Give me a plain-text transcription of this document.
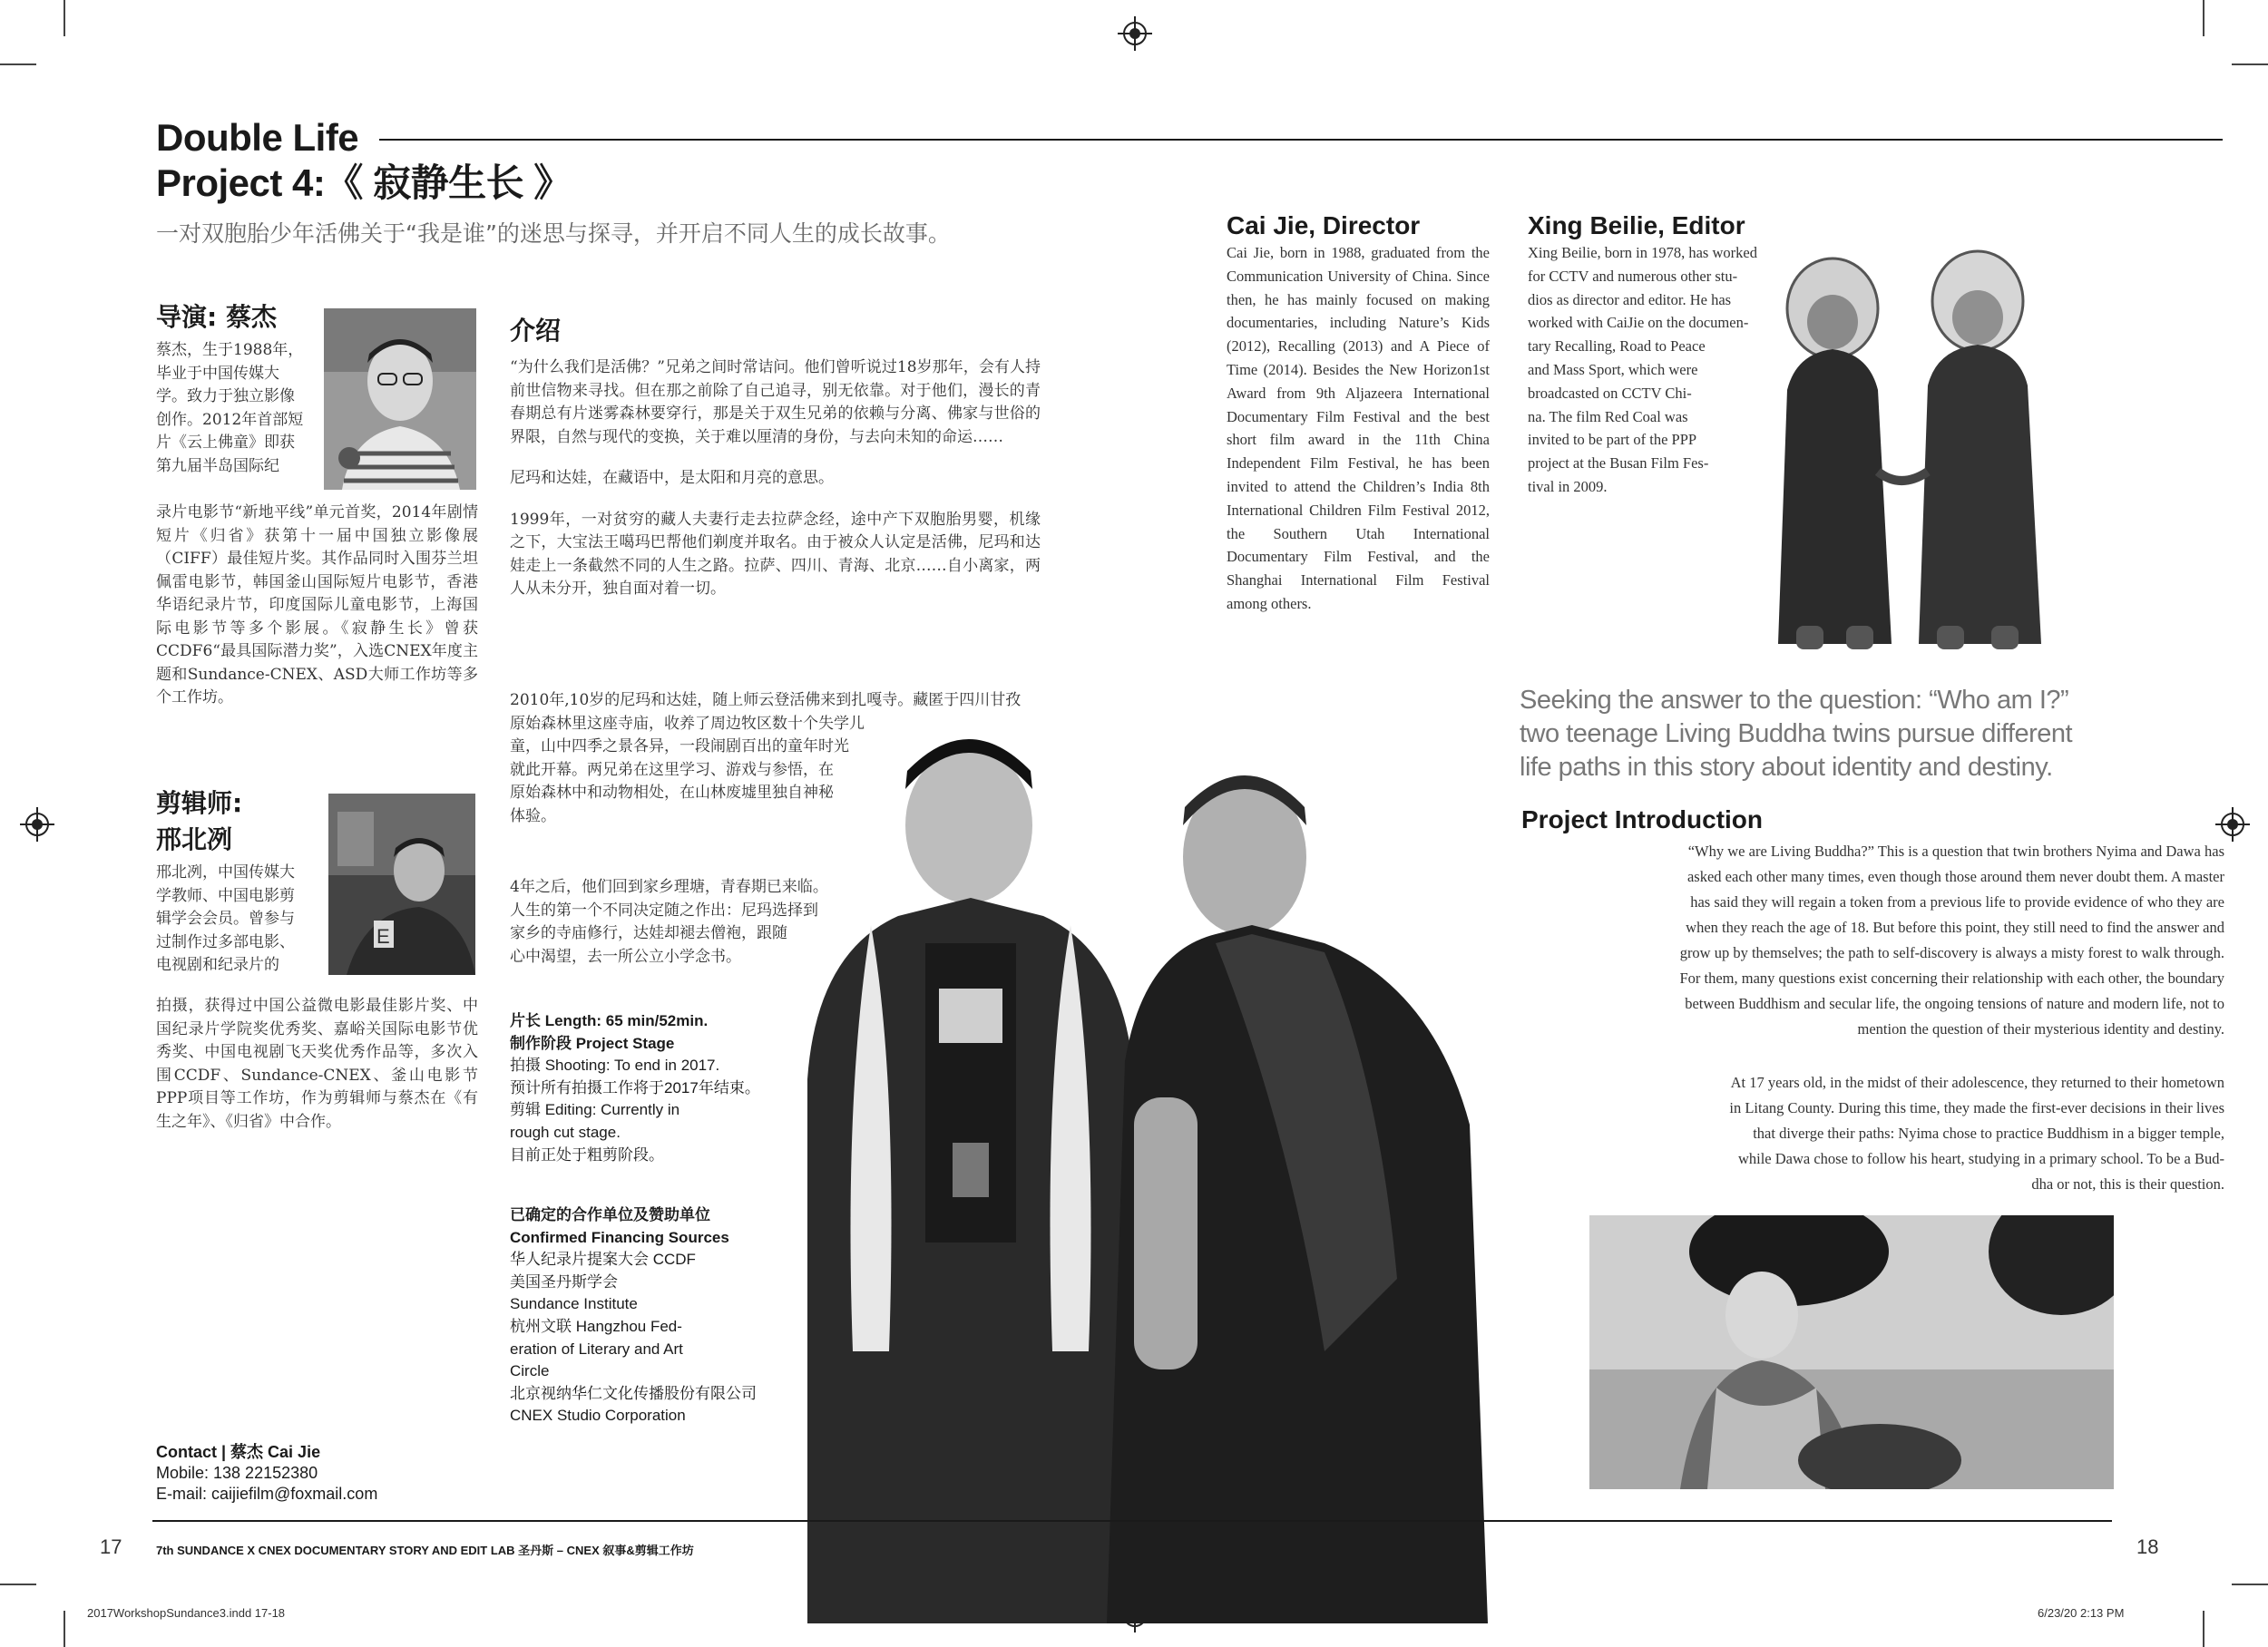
Double Life
Project 4:《 寂静生长 》
一对双胞胎少年活佛关于“我是谁”的迷思与探寻，并开启不同人生的成长故事。
导演: 蔡杰
蔡杰，生于1988年，
毕业于中国传媒大
学。致力于独立影像
创作。2012年首部短
片《云上佛童》即获
第九届半岛国际纪
录片电影节“新地平线”单元首奖，2014年剧情短片《归省》获第十一届中国独立影像展（CIFF）最佳短片奖。其作品同时入围芬兰坦佩雷电影节，韩国釜山国际短片电影节，香港华语纪录片节，印度国际儿童电影节，上海国际电影节等多个影展。《寂静生长》曾获CCDF6“最具国际潜力奖”，入选CNEX年度主题和Sundance-CNEX、ASD大师工作坊等多个工作坊。
剪辑师:
邢北冽
E
邢北冽，中国传媒大
学教师、中国电影剪
辑学会会员。曾参与
过制作过多部电影、
电视剧和纪录片的
拍摄，获得过中国公益微电影最佳影片奖、中国纪录片学院奖优秀奖、嘉峪关国际电影节优秀奖、中国电视剧飞天奖优秀作品等，多次入围CCDF、Sundance-CNEX、釜山电影节PPP项目等工作坊，作为剪辑师与蔡杰在《有生之年》、《归省》中合作。
介绍

“为什么我们是活佛？”兄弟之间时常诘问。他们曾听说过18岁那年，会有人持前世信物来寻找。但在那之前除了自己追寻，别无依靠。对于他们，漫长的青春期总有片迷雾森林要穿行，那是关于双生兄弟的依赖与分离、佛家与世俗的界限，自然与现代的变换，关于难以厘清的身份，与去向未知的命运……

尼玛和达娃，在藏语中，是太阳和月亮的意思。

1999年，一对贫穷的藏人夫妻行走去拉萨念经，途中产下双胞胎男婴，机缘之下，大宝法王噶玛巴帮他们剃度并取名。由于被众人认定是活佛，尼玛和达娃走上一条截然不同的人生之路。拉萨、四川、青海、北京……自小离家，两人从未分开，独自面对着一切。

2010年,10岁的尼玛和达娃，随上师云登活佛来到扎嘎寺。藏匿于四川甘孜
原始森林里这座寺庙，收养了周边牧区数十个失学儿
童，山中四季之景各异，一段闹剧百出的童年时光
就此开幕。两兄弟在这里学习、游戏与参悟，在
原始森林中和动物相处，在山林废墟里独自神秘
体验。
4年之后，他们回到家乡理塘，青春期已来临。
人生的第一个不同决定随之作出：尼玛选择到
家乡的寺庙修行，达娃却褪去僧袍，跟随
心中渴望，去一所公立小学念书。
片长 Length: 65 min/52min.
制作阶段 Project Stage
拍摄 Shooting: To end in 2017.
预计所有拍摄工作将于2017年结束。
剪辑 Editing: Currently in
rough cut stage.
目前正处于粗剪阶段。
已确定的合作单位及赞助单位
Confirmed Financing Sources
华人纪录片提案大会 CCDF
美国圣丹斯学会
Sundance Institute
杭州文联 Hangzhou Fed-
eration of Literary and Art
Circle
北京视纳华仁文化传播股份有限公司
CNEX Studio Corporation
Contact | 蔡杰 Cai Jie
Mobile: 138 22152380
E-mail: caijiefilm@foxmail.com
Cai Jie, Director
Cai Jie, born in 1988, graduated from the Communication University of China. Since then, he has mainly focused on making documentaries, including Nature’s Kids (2012), Recalling (2013) and A Piece of Time (2014). Besides the New Horizon1st Award from 9th Aljazeera International Documentary Film Festival and the best short film award in the 11th China Independent Film Festival, he has been invited to attend the Children’s India 8th International Children Film Festival 2012, the Southern Utah International Documentary Film Festival, and the Shanghai International Film Festival among others.
Xing Beilie, Editor
Xing Beilie, born in 1978, has worked
for CCTV and numerous other stu-
dios as director and editor. He has
worked with CaiJie on the documen-
tary Recalling, Road to Peace
and Mass Sport, which were
broadcasted on CCTV Chi-
na. The film Red Coal was
invited to be part of the PPP
project at the Busan Film Fes-
tival in 2009.
Seeking the answer to the question: “Who am I?”
two teenage Living Buddha twins pursue different
life paths in this story about identity and destiny.
Project Introduction
“Why we are Living Buddha?” This is a question that twin brothers Nyima and Dawa has
asked each other many times, even though those around them never doubt them. A master
has said they will regain a token from a previous life to provide evidence of who they are
when they reach the age of 18. But before this point, they still need to find the answer and
grow up by themselves; the path to self-discovery is always a misty forest to walk through.
For them, many questions exist concerning their relationship with each other, the boundary
between Buddhism and secular life, the ongoing tensions of nature and modern life, not to
mention the question of their mysterious identity and destiny.
At 17 years old, in the midst of their adolescence, they returned to their hometown
in Litang County. During this time, they made the first-ever decisions in their lives
that diverge their paths: Nyima chose to practice Buddhism in a bigger temple,
while Dawa chose to follow his heart, studying in a primary school. To be a Bud-
dha or not, this is their question.
17	18
7th SUNDANCE X CNEX DOCUMENTARY STORY AND EDIT LAB 圣丹斯 – CNEX 叙事&剪辑工作坊
2017WorkshopSundance3.indd 17-18	6/23/20 2:13 PM
